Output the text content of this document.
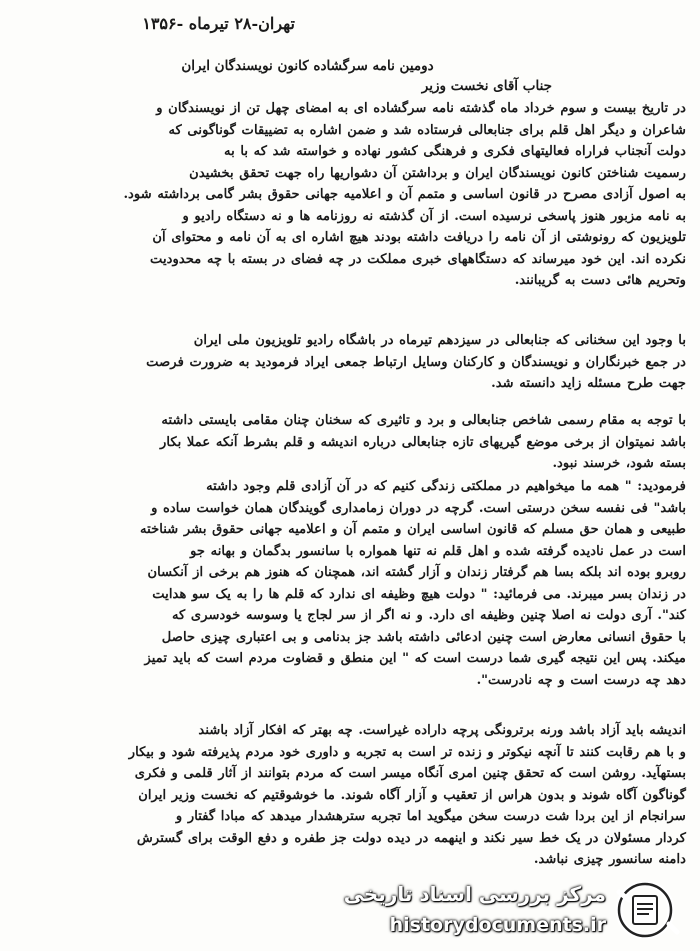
تهران-۲۸ تیرماه -۱۳۵۶
دومین نامه سرگشاده کانون نویسندگان ایران
جناب آقای نخست وزیر

در تاریخ بیست و سوم خرداد ماه گذشته نامه سرگشاده ای به امضای چهل تن از نویسندگان و

شاعران و دیگر اهل قلم برای جنابعالی فرستاده شد و ضمن اشاره به تضییقات گوناگونی که

دولت آنجناب فراراه فعالیتهای فکری و فرهنگی کشور نهاده و خواسته شد که با به

رسمیت شناختن کانون نویسندگان ایران و برداشتن آن دشواریها راه جهت تحقق بخشیدن

به اصول آزادی مصرح در قانون اساسی و متمم آن و اعلامیه جهانی حقوق بشر گامی برداشته شود.

به نامه مزبور هنوز پاسخی نرسیده است. از آن گذشته نه روزنامه ها و نه دستگاه رادیو و

تلویزیون که رونوشتی از آن نامه را دریافت داشته بودند هیچ اشاره ای به آن نامه و محتوای آن

نکرده اند. این خود میرساند که دستگاههای خبری مملکت در چه فضای در بسته با چه محدودیت

وتحریم هائی دست به گریبانند.

با وجود این سخنانی که جنابعالی در سیزدهم تیرماه در باشگاه رادیو تلویزیون ملی ایران

در جمع خبرنگاران و نویسندگان و کارکنان وسایل ارتباط جمعی ایراد فرمودید به ضرورت فرصت

جهت طرح مسئله زاید دانسته شد.

با توجه به مقام رسمی شاخص جنابعالی و برد و تاثیری که سخنان چنان مقامی بایستی داشته

باشد نمیتوان از برخی موضع گیریهای تازه جنابعالی درباره اندیشه و قلم بشرط آنکه عملا بکار

بسته شود، خرسند نبود.

فرمودید: " همه ما میخواهیم در مملکتی زندگی کنیم که در آن آزادی قلم وجود داشته

باشد" فی نفسه سخن درستی است. گرچه در دوران زمامداری گویندگان همان خواست ساده و

طبیعی و همان حق مسلم که قانون اساسی ایران و متمم آن و اعلامیه جهانی حقوق بشر شناخته

است در عمل نادیده گرفته شده و اهل قلم نه تنها همواره با سانسور بدگمان و بهانه جو

روبرو بوده اند بلکه بسا هم گرفتار زندان و آزار گشته اند، همچنان که هنوز هم برخی از آنکسان

در زندان بسر میبرند. می فرمائید: " دولت هیچ وظیفه ای ندارد که قلم ها را به یک سو هدایت

کند". آری دولت نه اصلا چنین وظیفه ای دارد. و نه اگر از سر لجاج یا وسوسه خودسری که

با حقوق انسانی معارض است چنین ادعائی داشته باشد جز بدنامی و بی اعتباری چیزی حاصل

میکند. پس این نتیجه گیری شما درست است که " این منطق و قضاوت مردم است که باید تمیز

دهد چه درست است و چه نادرست".

اندیشه باید آزاد باشد ورنه برترونگی پرچه داراده غیراست. چه بهتر که افکار آزاد باشند

و با هم رقابت کنند تا آنچه نیکوتر و زنده تر است به تجربه و داوری خود مردم پذیرفته شود و بیکار

بستهآید. روشن است که تحقق چنین امری آنگاه میسر است که مردم بتوانند از آثار قلمی و فکری

گوناگون آگاه شوند و بدون هراس از تعقیب و آزار آگاه شوند. ما خوشوقتیم که نخست وزیر ایران

سرانجام از این بردا شت درست سخن میگوید اما تجربه سترهشدار میدهد که مبادا گفتار و

کردار مسئولان در یک خط سیر نکند و اینهمه در دیده دولت جز طفره و دفع الوقت برای گسترش

دامنه سانسور چیزی نباشد.

مرکز بررسی اسناد تاریخی
historydocuments.ir
